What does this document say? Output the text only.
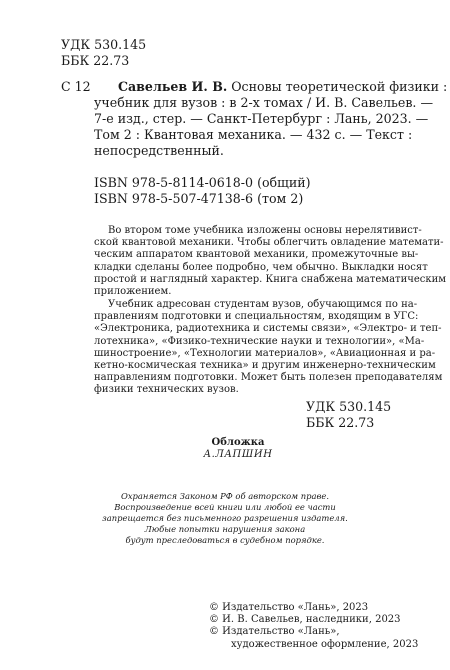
УДК 530.145
ББК 22.73
С 12 Савельев И. В. Основы теоретической физики :
учебник для вузов : в 2-х томах / И. В. Савельев. —
7-е изд., стер. — Санкт-Петербург : Лань, 2023. —
Том 2 : Квантовая механика. — 432 с. — Текст :
непосредственный.
ISBN 978-5-8114-0618-0 (общий)
ISBN 978-5-507-47138-6 (том 2)
Во втором томе учебника изложены основы нерелятивист-
ской квантовой механики. Чтобы облегчить овладение математи-
ческим аппаратом квантовой механики, промежуточные вы-
кладки сделаны более подробно, чем обычно. Выкладки носят
простой и наглядный характер. Книга снабжена математическим
приложением.
Учебник адресован студентам вузов, обучающимся по на-
правлениям подготовки и специальностям, входящим в УГС:
«Электроника, радиотехника и системы связи», «Электро- и теп-
лотехника», «Физико-технические науки и технологии», «Ма-
шиностроение», «Технологии материалов», «Авиационная и ра-
кетно-космическая техника» и другим инженерно-техническим
направлениям подготовки. Может быть полезен преподавателям
физики технических вузов.
УДК 530.145
ББК 22.73
Обложка
А.ЛАПШИН
Охраняется Законом РФ об авторском праве.
Воспроизведение всей книги или любой ее части
запрещается без письменного разрешения издателя.
Любые попытки нарушения закона
будут преследоваться в судебном порядке.
© Издательство «Лань», 2023
© И. В. Савельев, наследники, 2023
© Издательство «Лань»,
художественное оформление, 2023
